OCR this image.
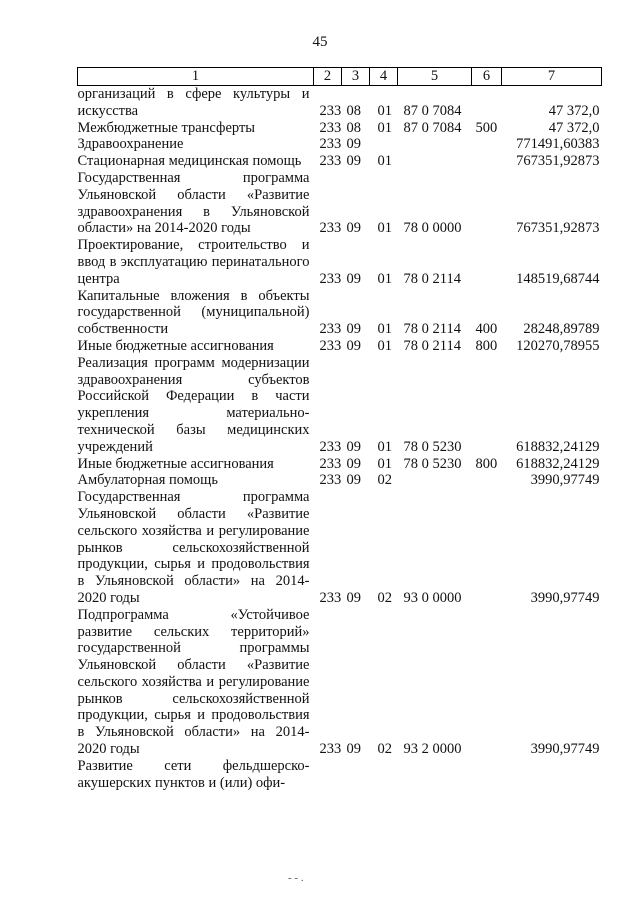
45
1	2	3	4	5	6	7
организаций в сфере культуры и искусства	233	08	01	87 0 7084		47 372,0
Межбюджетные трансферты	233	08	01	87 0 7084	500	47 372,0
Здравоохранение	233	09				771491,60383
Стационарная медицинская помощь	233	09	01			767351,92873
Государственная программа Ульяновской области «Развитие здравоохранения в Ульяновской области» на 2014-2020 годы	233	09	01	78 0 0000		767351,92873
Проектирование, строительство и ввод в эксплуатацию перинатального центра	233	09	01	78 0 2114		148519,68744
Капитальные вложения в объекты государственной (муниципальной) собственности	233	09	01	78 0 2114	400	28248,89789
Иные бюджетные ассигнования	233	09	01	78 0 2114	800	120270,78955
Реализация программ модернизации здравоохранения субъектов Российской Федерации в части укрепления материально-технической базы медицинских учреждений	233	09	01	78 0 5230		618832,24129
Иные бюджетные ассигнования	233	09	01	78 0 5230	800	618832,24129
Амбулаторная помощь	233	09	02			3990,97749
Государственная программа Ульяновской области «Развитие сельского хозяйства и регулирование рынков сельскохозяйственной продукции, сырья и продовольствия в Ульяновской области» на 2014-2020 годы	233	09	02	93 0 0000		3990,97749
Подпрограмма «Устойчивое развитие сельских территорий» государственной программы Ульяновской области «Развитие сельского хозяйства и регулирование рынков сельскохозяйственной продукции, сырья и продовольствия в Ульяновской области» на 2014-2020 годы	233	09	02	93 2 0000		3990,97749
Развитие сети фельдшерско-акушерских пунктов и (или) офи-						
‐ ‐ .
